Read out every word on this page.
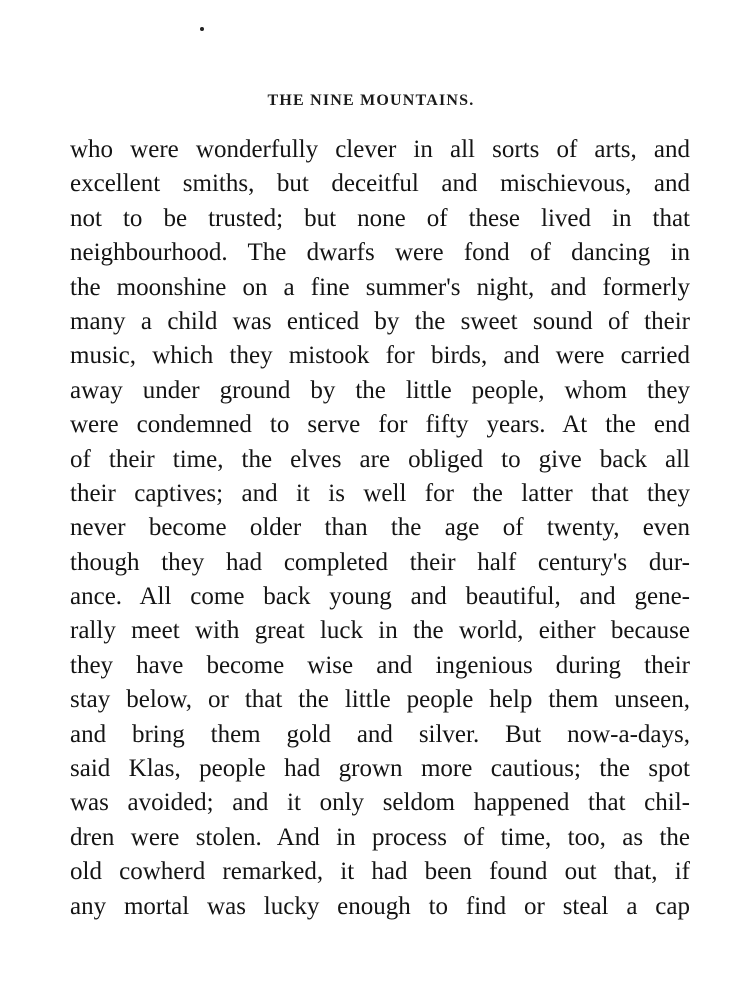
THE NINE MOUNTAINS.
who were wonderfully clever in all sorts of arts, and
excellent smiths, but deceitful and mischievous, and
not to be trusted; but none of these lived in that
neighbourhood. The dwarfs were fond of dancing in
the moonshine on a fine summer's night, and formerly
many a child was enticed by the sweet sound of their
music, which they mistook for birds, and were carried
away under ground by the little people, whom they
were condemned to serve for fifty years. At the end
of their time, the elves are obliged to give back all
their captives; and it is well for the latter that they
never become older than the age of twenty, even
though they had completed their half century's dur-
ance. All come back young and beautiful, and gene-
rally meet with great luck in the world, either because
they have become wise and ingenious during their
stay below, or that the little people help them unseen,
and bring them gold and silver. But now-a-days,
said Klas, people had grown more cautious; the spot
was avoided; and it only seldom happened that chil-
dren were stolen. And in process of time, too, as the
old cowherd remarked, it had been found out that, if
any mortal was lucky enough to find or steal a cap
